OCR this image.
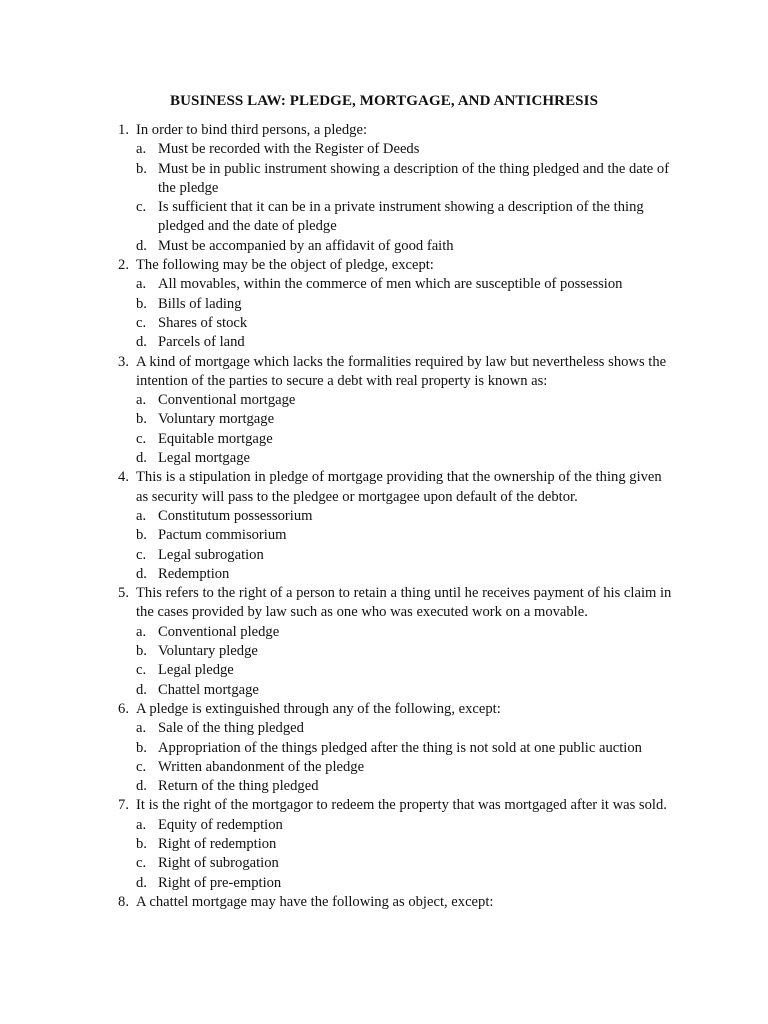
BUSINESS LAW: PLEDGE, MORTGAGE, AND ANTICHRESIS
1. In order to bind third persons, a pledge:
a. Must be recorded with the Register of Deeds
b. Must be in public instrument showing a description of the thing pledged and the date of the pledge
c. Is sufficient that it can be in a private instrument showing a description of the thing pledged and the date of pledge
d. Must be accompanied by an affidavit of good faith
2. The following may be the object of pledge, except:
a. All movables, within the commerce of men which are susceptible of possession
b. Bills of lading
c. Shares of stock
d. Parcels of land
3. A kind of mortgage which lacks the formalities required by law but nevertheless shows the intention of the parties to secure a debt with real property is known as:
a. Conventional mortgage
b. Voluntary mortgage
c. Equitable mortgage
d. Legal mortgage
4. This is a stipulation in pledge of mortgage providing that the ownership of the thing given as security will pass to the pledgee or mortgagee upon default of the debtor.
a. Constitutum possessorium
b. Pactum commisorium
c. Legal subrogation
d. Redemption
5. This refers to the right of a person to retain a thing until he receives payment of his claim in the cases provided by law such as one who was executed work on a movable.
a. Conventional pledge
b. Voluntary pledge
c. Legal pledge
d. Chattel mortgage
6. A pledge is extinguished through any of the following, except:
a. Sale of the thing pledged
b. Appropriation of the things pledged after the thing is not sold at one public auction
c. Written abandonment of the pledge
d. Return of the thing pledged
7. It is the right of the mortgagor to redeem the property that was mortgaged after it was sold.
a. Equity of redemption
b. Right of redemption
c. Right of subrogation
d. Right of pre-emption
8. A chattel mortgage may have the following as object, except:
